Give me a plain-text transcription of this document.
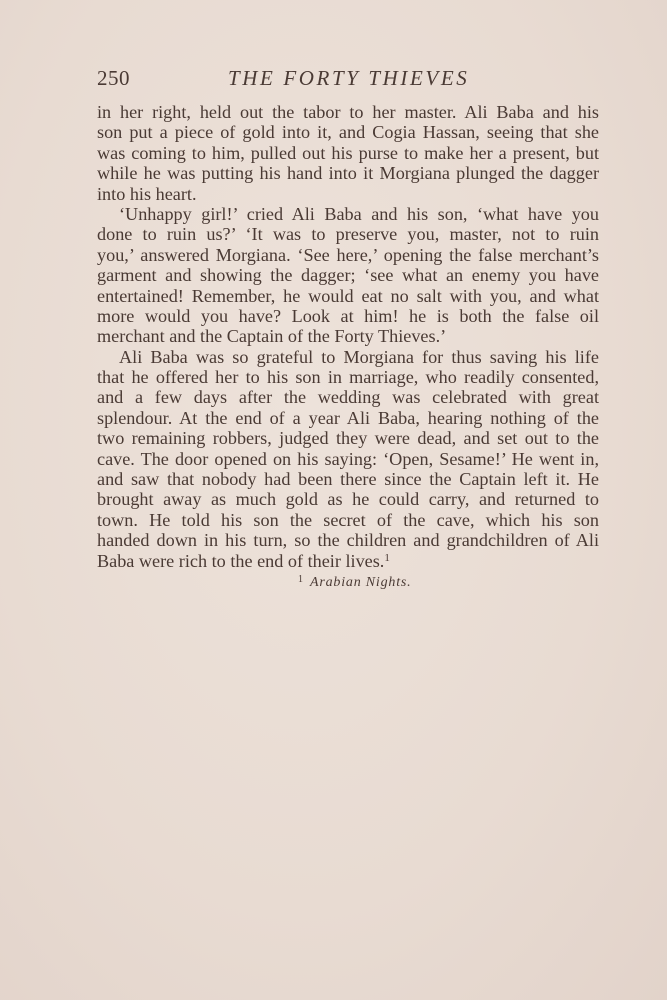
250	THE FORTY THIEVES
in her right, held out the tabor to her master. Ali Baba and his
son put a piece of gold into it, and Cogia Hassan, seeing that she
was coming to him, pulled out his purse to make her a present, but
while he was putting his hand into it Morgiana plunged the dagger
into his heart.
‘Unhappy girl!’ cried Ali Baba and his son, ‘what have you
done to ruin us?’ ‘It was to preserve you, master, not to ruin
you,’ answered Morgiana. ‘See here,’ opening the false merchant’s
garment and showing the dagger; ‘see what an enemy you have
entertained! Remember, he would eat no salt with you, and what
more would you have? Look at him! he is both the false oil
merchant and the Captain of the Forty Thieves.’
Ali Baba was so grateful to Morgiana for thus saving his life
that he offered her to his son in marriage, who readily consented,
and a few days after the wedding was celebrated with great
splendour. At the end of a year Ali Baba, hearing nothing of the
two remaining robbers, judged they were dead, and set out to the
cave. The door opened on his saying: ‘Open, Sesame!’ He went in,
and saw that nobody had been there since the Captain left it. He
brought away as much gold as he could carry, and returned to
town. He told his son the secret of the cave, which his son
handed down in his turn, so the children and grandchildren of Ali
Baba were rich to the end of their lives.$^1$
$^1$ Arabian Nights.
